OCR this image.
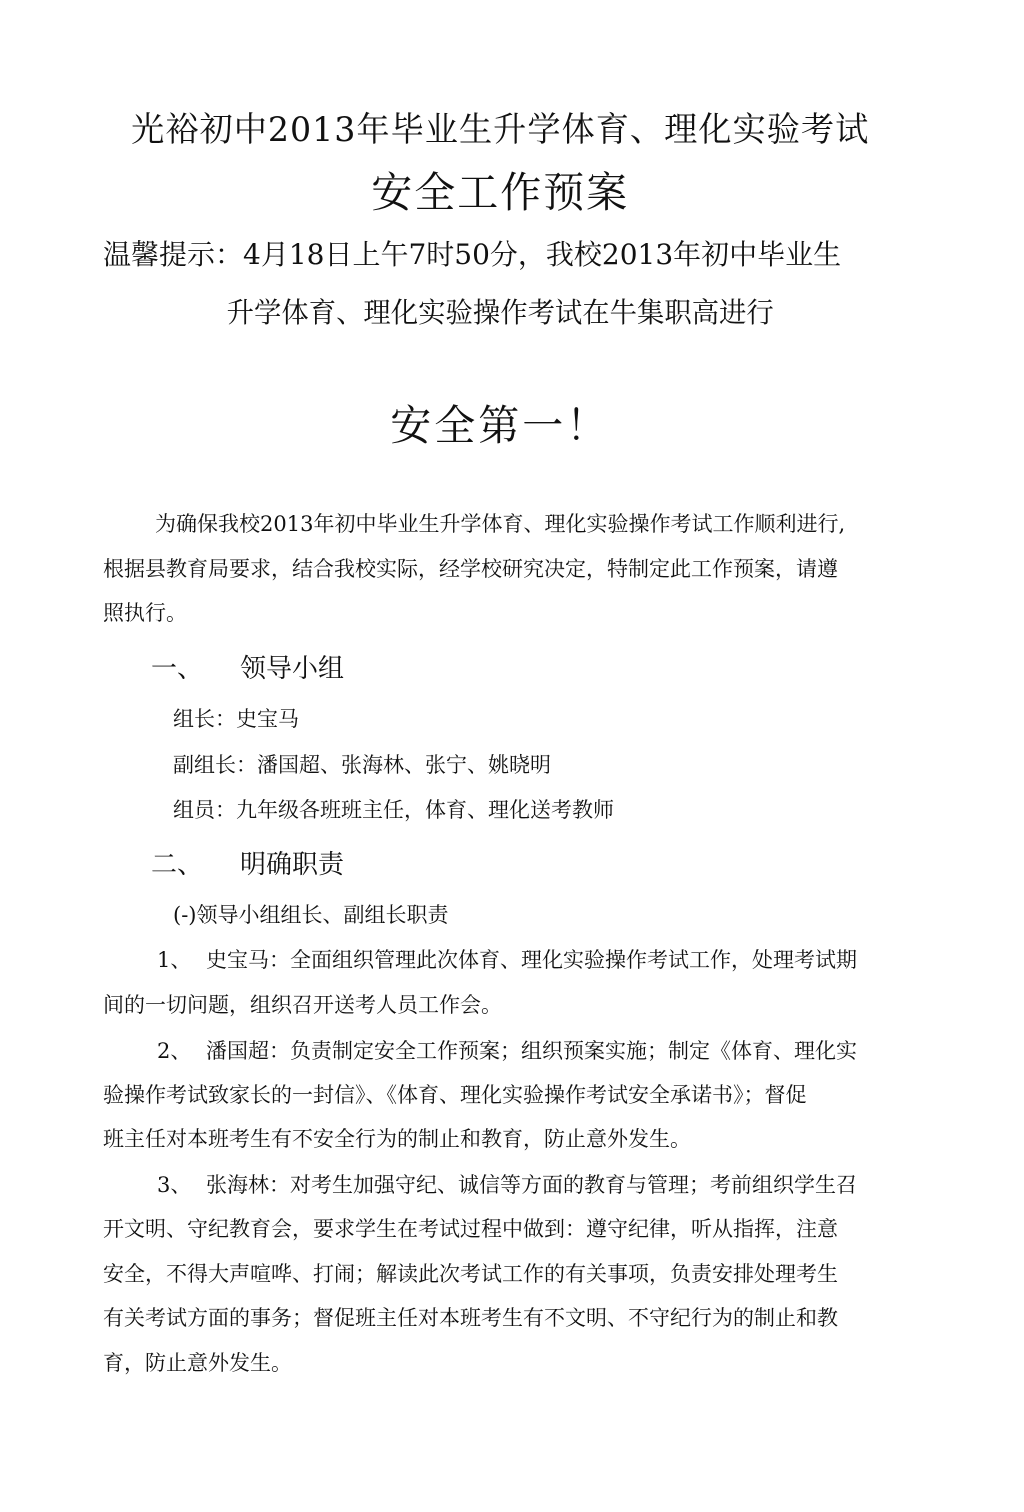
光裕初中2013年毕业生升学体育、理化实验考试
安全工作预案
温馨提示：4月18日上午7时50分，我校2013年初中毕业生
升学体育、理化实验操作考试在牛集职高进行
安全第一！
为确保我校2013年初中毕业生升学体育、理化实验操作考试工作顺利进行,
根据县教育局要求，结合我校实际，经学校研究决定，特制定此工作预案，请遵
照执行。
一、 领导小组
组长：史宝马
副组长：潘国超、张海林、张宁、姚晓明
组员：九年级各班班主任，体育、理化送考教师
二、 明确职责
(-)领导小组组长、副组长职责
1、 史宝马：全面组织管理此次体育、理化实验操作考试工作，处理考试期
间的一切问题，组织召开送考人员工作会。
2、 潘国超：负责制定安全工作预案；组织预案实施；制定《体育、理化实
验操作考试致家长的一封信》、《体育、理化实验操作考试安全承诺书》；督促
班主任对本班考生有不安全行为的制止和教育，防止意外发生。
3、 张海林：对考生加强守纪、诚信等方面的教育与管理；考前组织学生召
开文明、守纪教育会，要求学生在考试过程中做到：遵守纪律，听从指挥，注意
安全，不得大声喧哗、打闹；解读此次考试工作的有关事项，负责安排处理考生
有关考试方面的事务；督促班主任对本班考生有不文明、不守纪行为的制止和教
育，防止意外发生。
